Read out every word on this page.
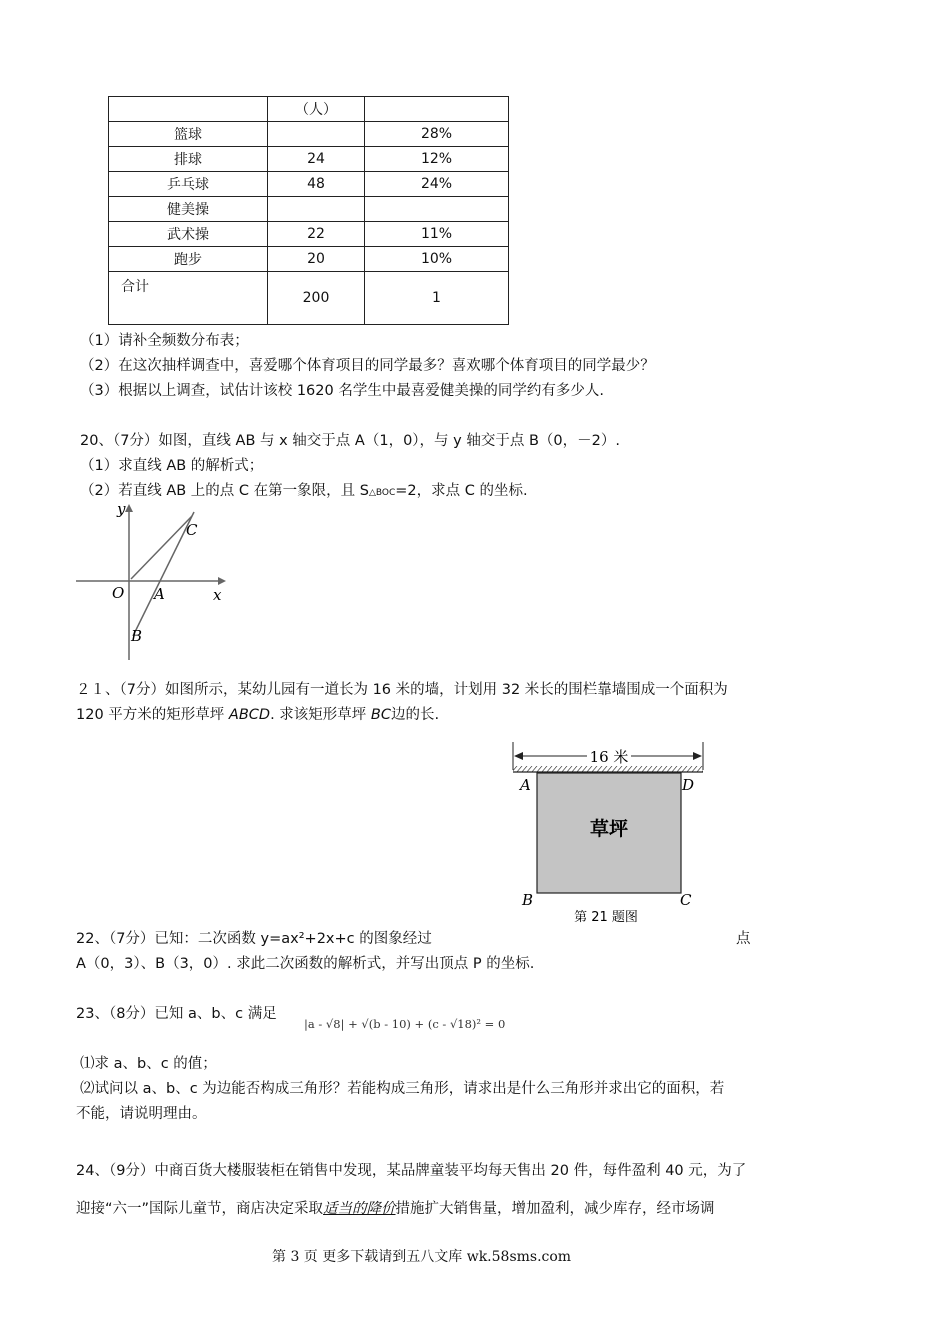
	（人）	
篮球		28%
排球	24	12%
乒乓球	48	24%
健美操		
武术操	22	11%
跑步	20	10%
合计	200	1
（1）请补全频数分布表；
（2）在这次抽样调查中，喜爱哪个体育项目的同学最多？喜欢哪个体育项目的同学最少？
（3）根据以上调查，试估计该校 1620 名学生中最喜爱健美操的同学约有多少人.
20、（7分）如图，直线 AB 与 x 轴交于点 A（1，0），与 y 轴交于点 B（0，－2）.
（1）求直线 AB 的解析式；
（2）若直线 AB 上的点 C 在第一象限，且 S△BOC=2，求点 C 的坐标.
y
x
O A
B
C
２１、（7分）如图所示，某幼儿园有一道长为 16 米的墙，计划用 32 米长的围栏靠墙围成一个面积为
120 平方米的矩形草坪 ABCD. 求该矩形草坪 BC边的长.
16 米
草坪
A	D
B	C
第 21 题图
22、（7分）已知：二次函数 y=ax²+2x+c 的图象经过	点
A（0，3）、B（3，0）. 求此二次函数的解析式，并写出顶点 P 的坐标.
23、（8分）已知 a、b、c 满足
|a - √8| + √(b - 10) + (c - √18)² = 0
⑴求 a、b、c 的值；
⑵试问以 a、b、c 为边能否构成三角形？若能构成三角形，请求出是什么三角形并求出它的面积，若
不能，请说明理由。
24、（9分）中商百货大楼服装柜在销售中发现，某品牌童装平均每天售出 20 件，每件盈利 40 元，为了
迎接“六一”国际儿童节，商店决定采取适当的降价措施扩大销售量，增加盈利，减少库存，经市场调
第 3 页 更多下载请到五八文库 wk.58sms.com
